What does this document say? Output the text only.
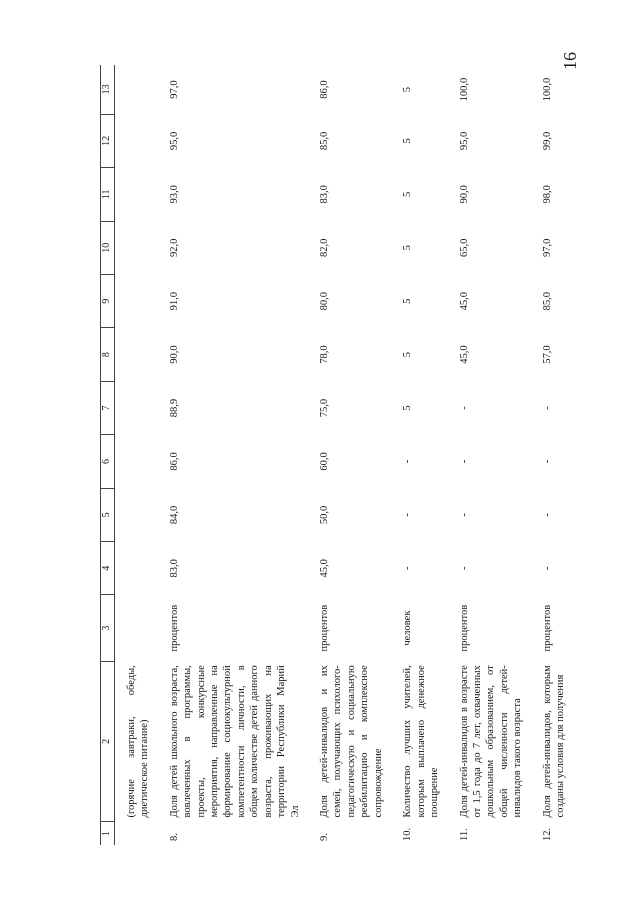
16
1	2	3	4	5	6	7	8	9	10	11	12	13
	(горячие завтраки, обеды, диетическое питание)											
8.	Доля детей школьного возраста, вовлеченных в программы, проекты, конкурсные мероприятия, направленные на формирование социокультурной компетентности личности, в общем количестве детей данного возраста, проживающих на территории Республики Марий Эл	процентов	83,0	84,0	86,0	88,9	90,0	91,0	92,0	93,0	95,0	97,0
9.	Доля детей-инвалидов и их семей, получающих психолого-педагогическую и социальную реабилитацию и комплексное сопровождение	процентов	45,0	50,0	60,0	75,0	78,0	80,0	82,0	83,0	85,0	86,0
10.	Количество лучших учителей, которым выплачено денежное поощрение	человек	-	-	-	5	5	5	5	5	5	5
11.	Доля детей-инвалидов в возрасте от 1,5 года до 7 лет, охваченных дошкольным образованием, от общей численности детей-инвалидов такого возраста	процентов	-	-	-	-	45,0	45,0	65,0	90,0	95,0	100,0
12.	Доля детей-инвалидов, которым созданы условия для получения	процентов	-	-	-	-	57,0	85,0	97,0	98,0	99,0	100,0
